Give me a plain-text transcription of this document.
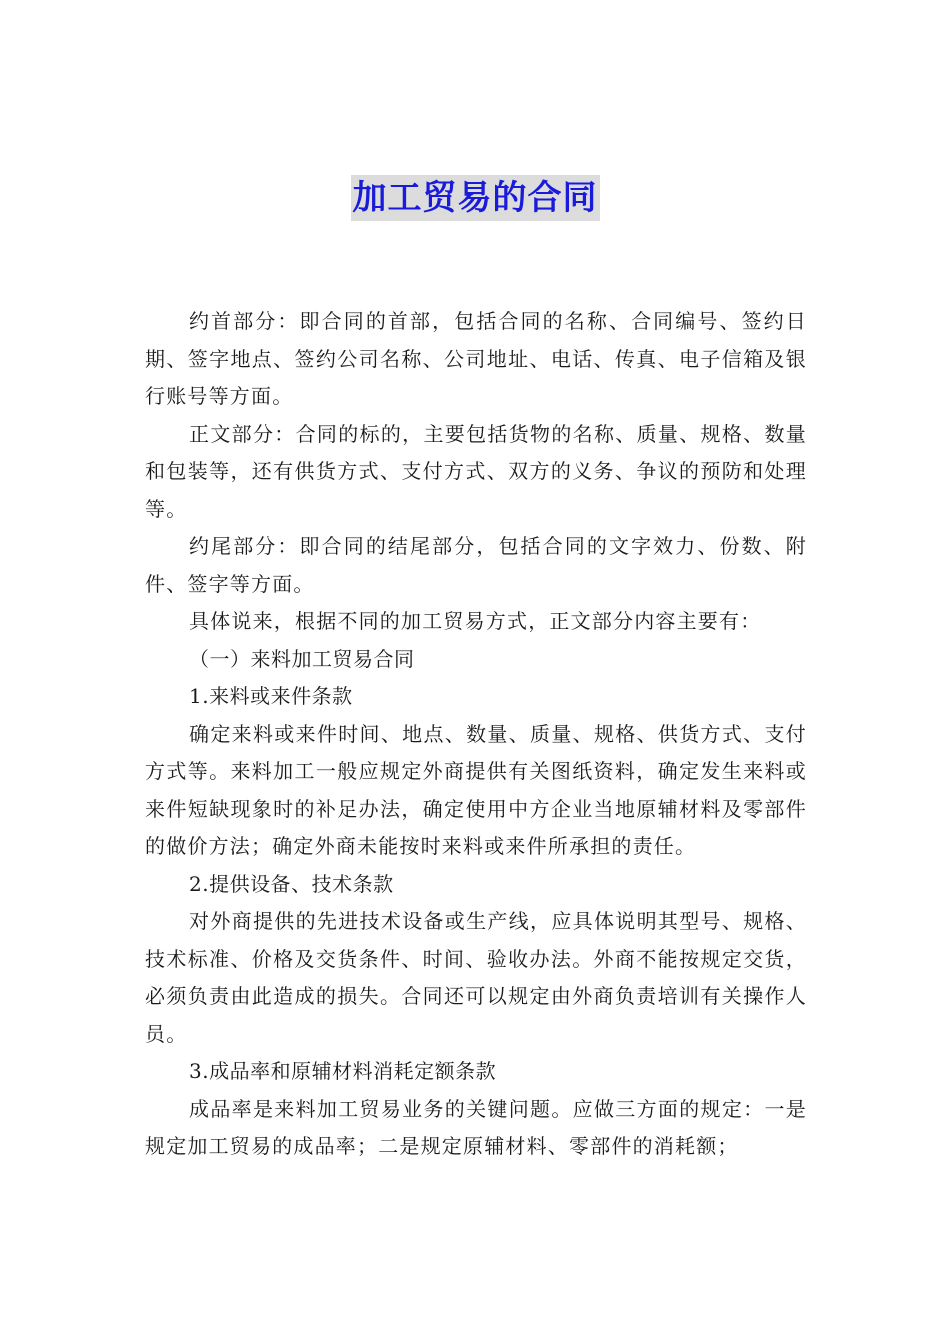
加工贸易的合同

约首部分：即合同的首部，包括合同的名称、合同编号、签约日期、签字地点、签约公司名称、公司地址、电话、传真、电子信箱及银行账号等方面。

正文部分：合同的标的，主要包括货物的名称、质量、规格、数量和包装等，还有供货方式、支付方式、双方的义务、争议的预防和处理等。

约尾部分：即合同的结尾部分，包括合同的文字效力、份数、附件、签字等方面。

具体说来，根据不同的加工贸易方式，正文部分内容主要有：

（一）来料加工贸易合同

1.来料或来件条款

确定来料或来件时间、地点、数量、质量、规格、供货方式、支付方式等。来料加工一般应规定外商提供有关图纸资料，确定发生来料或来件短缺现象时的补足办法，确定使用中方企业当地原辅材料及零部件的做价方法；确定外商未能按时来料或来件所承担的责任。

2.提供设备、技术条款

对外商提供的先进技术设备或生产线，应具体说明其型号、规格、技术标准、价格及交货条件、时间、验收办法。外商不能按规定交货，必须负责由此造成的损失。合同还可以规定由外商负责培训有关操作人员。

3.成品率和原辅材料消耗定额条款

成品率是来料加工贸易业务的关键问题。应做三方面的规定：一是规定加工贸易的成品率；二是规定原辅材料、零部件的消耗额；
